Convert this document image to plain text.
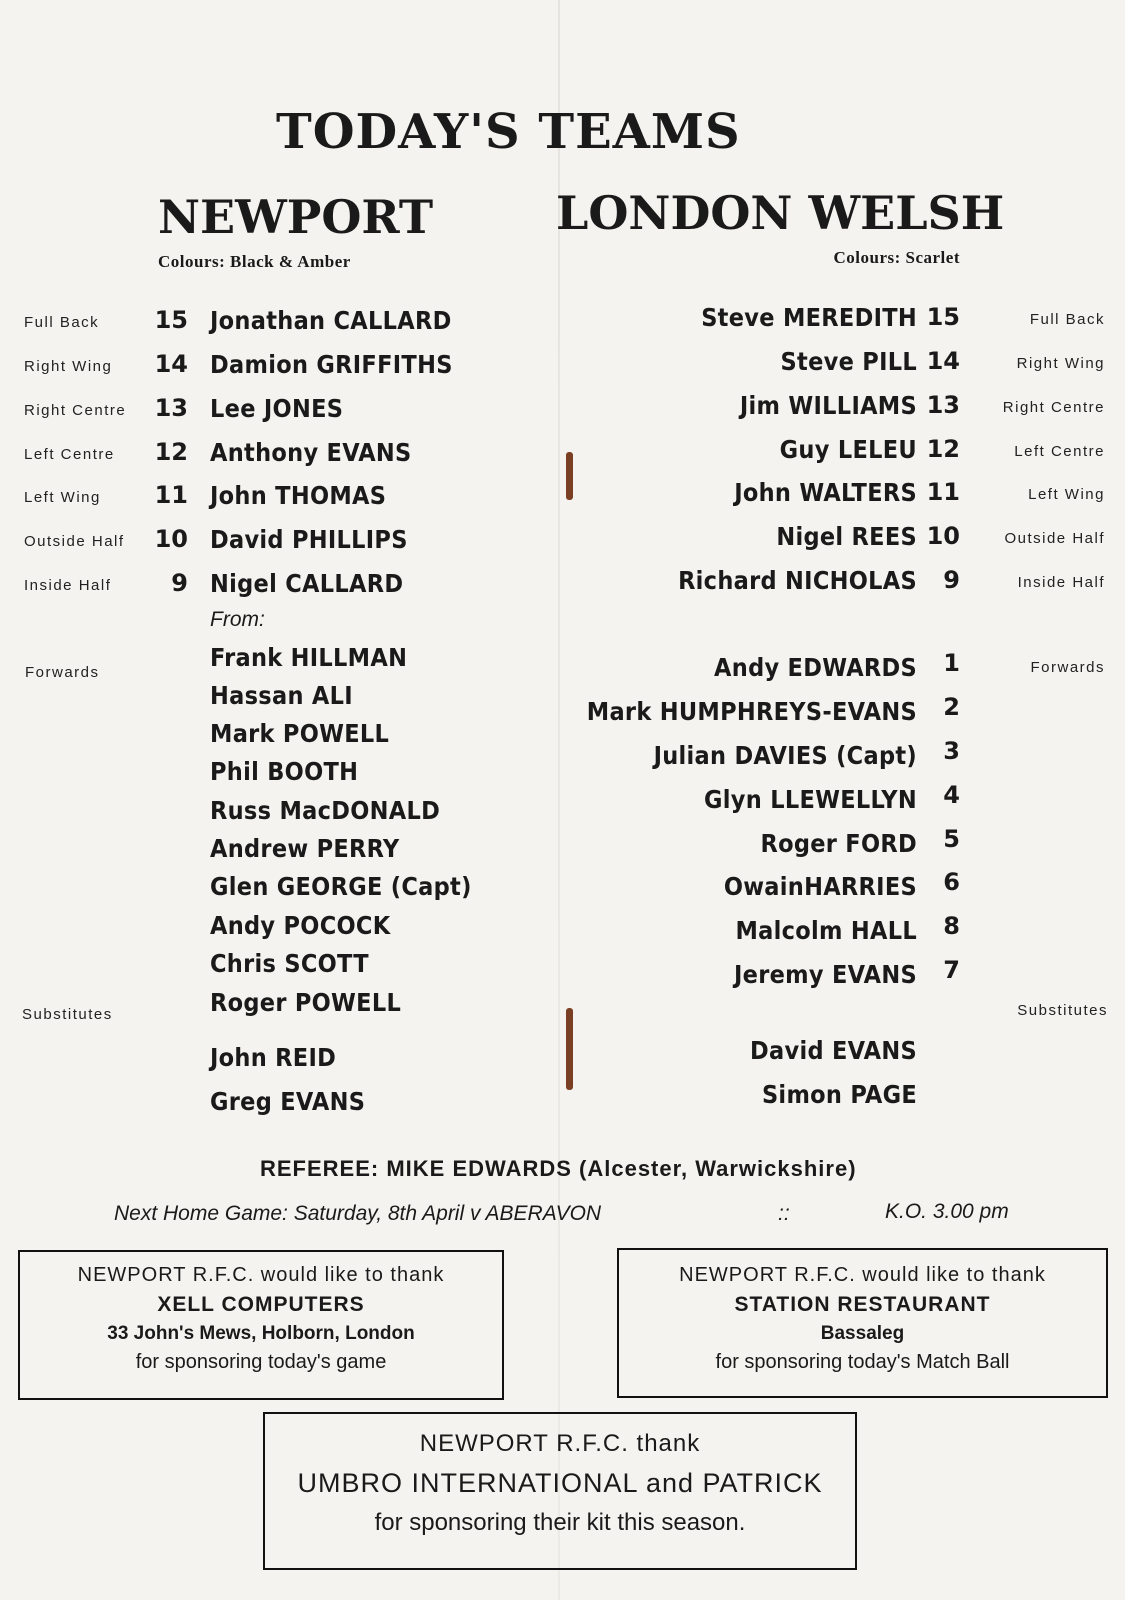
TODAY'S TEAMS
NEWPORT
Colours: Black & Amber
LONDON WELSH
Colours: Scarlet
Full Back 15 Jonathan CALLARD
Right Wing 14 Damion GRIFFITHS
Right Centre 13 Lee JONES
Left Centre 12 Anthony EVANS
Left Wing 11 John THOMAS
Outside Half 10 David PHILLIPS
Inside Half 9 Nigel CALLARD
From:
Forwards
Frank HILLMAN
Hassan ALI
Mark POWELL
Phil BOOTH
Russ MacDONALD
Andrew PERRY
Glen GEORGE (Capt)
Andy POCOCK
Chris SCOTT
Roger POWELL
Substitutes
John REID
Greg EVANS
Steve MEREDITH 15	Full Back
Steve PILL 14	Right Wing
Jim WILLIAMS 13	Right Centre
Guy LELEU 12	Left Centre
John WALTERS 11	Left Wing
Nigel REES 10	Outside Half
Richard NICHOLAS 9	Inside Half
Forwards
Andy EDWARDS 1
Mark HUMPHREYS-EVANS 2
Julian DAVIES (Capt) 3
Glyn LLEWELLYN 4
Roger FORD 5
OwainHARRIES 6
Malcolm HALL 8
Jeremy EVANS 7
Substitutes
David EVANS
Simon PAGE
REFEREE: MIKE EDWARDS (Alcester, Warwickshire)
Next Home Game: Saturday, 8th April v ABERAVON	::	K.O. 3.00 pm
NEWPORT R.F.C. would like to thank
XELL COMPUTERS
33 John's Mews, Holborn, London
for sponsoring today's game
NEWPORT R.F.C. would like to thank
STATION RESTAURANT
Bassaleg
for sponsoring today's Match Ball
NEWPORT R.F.C. thank
UMBRO INTERNATIONAL and PATRICK
for sponsoring their kit this season.
